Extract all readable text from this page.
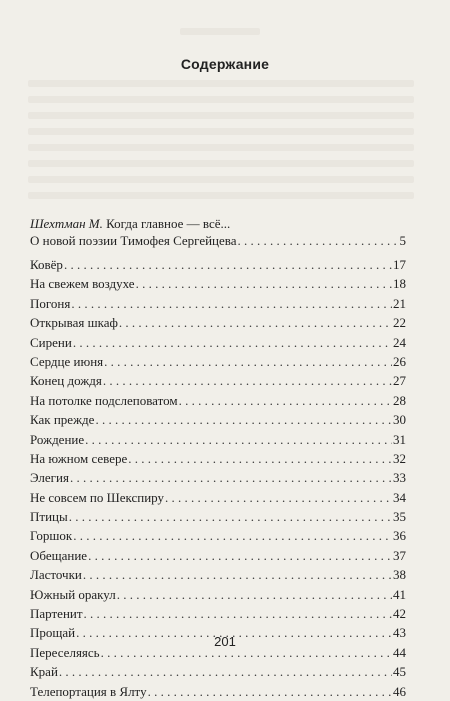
Содержание
Шехтман М. Когда главное — всё...
О новой поэзии Тимофея Сергейцева . . .	5
Ковёр . . .	17
На свежем воздухе . . .	18
Погоня . . .	21
Открывая шкаф . . .	22
Сирени . . .	24
Сердце июня . . .	26
Конец дождя . . .	27
На потолке подслеповатом . . .	28
Как прежде . . .	30
Рождение . . .	31
На южном севере . . .	32
Элегия . . .	33
Не совсем по Шекспиру . . .	34
Птицы . . .	35
Горшок . . .	36
Обещание . . .	37
Ласточки . . .	38
Южный оракул . . .	41
Партенит . . .	42
Прощай . . .	43
Переселяясь . . .	44
Край . . .	45
Телепортация в Ялту . . .	46
201
